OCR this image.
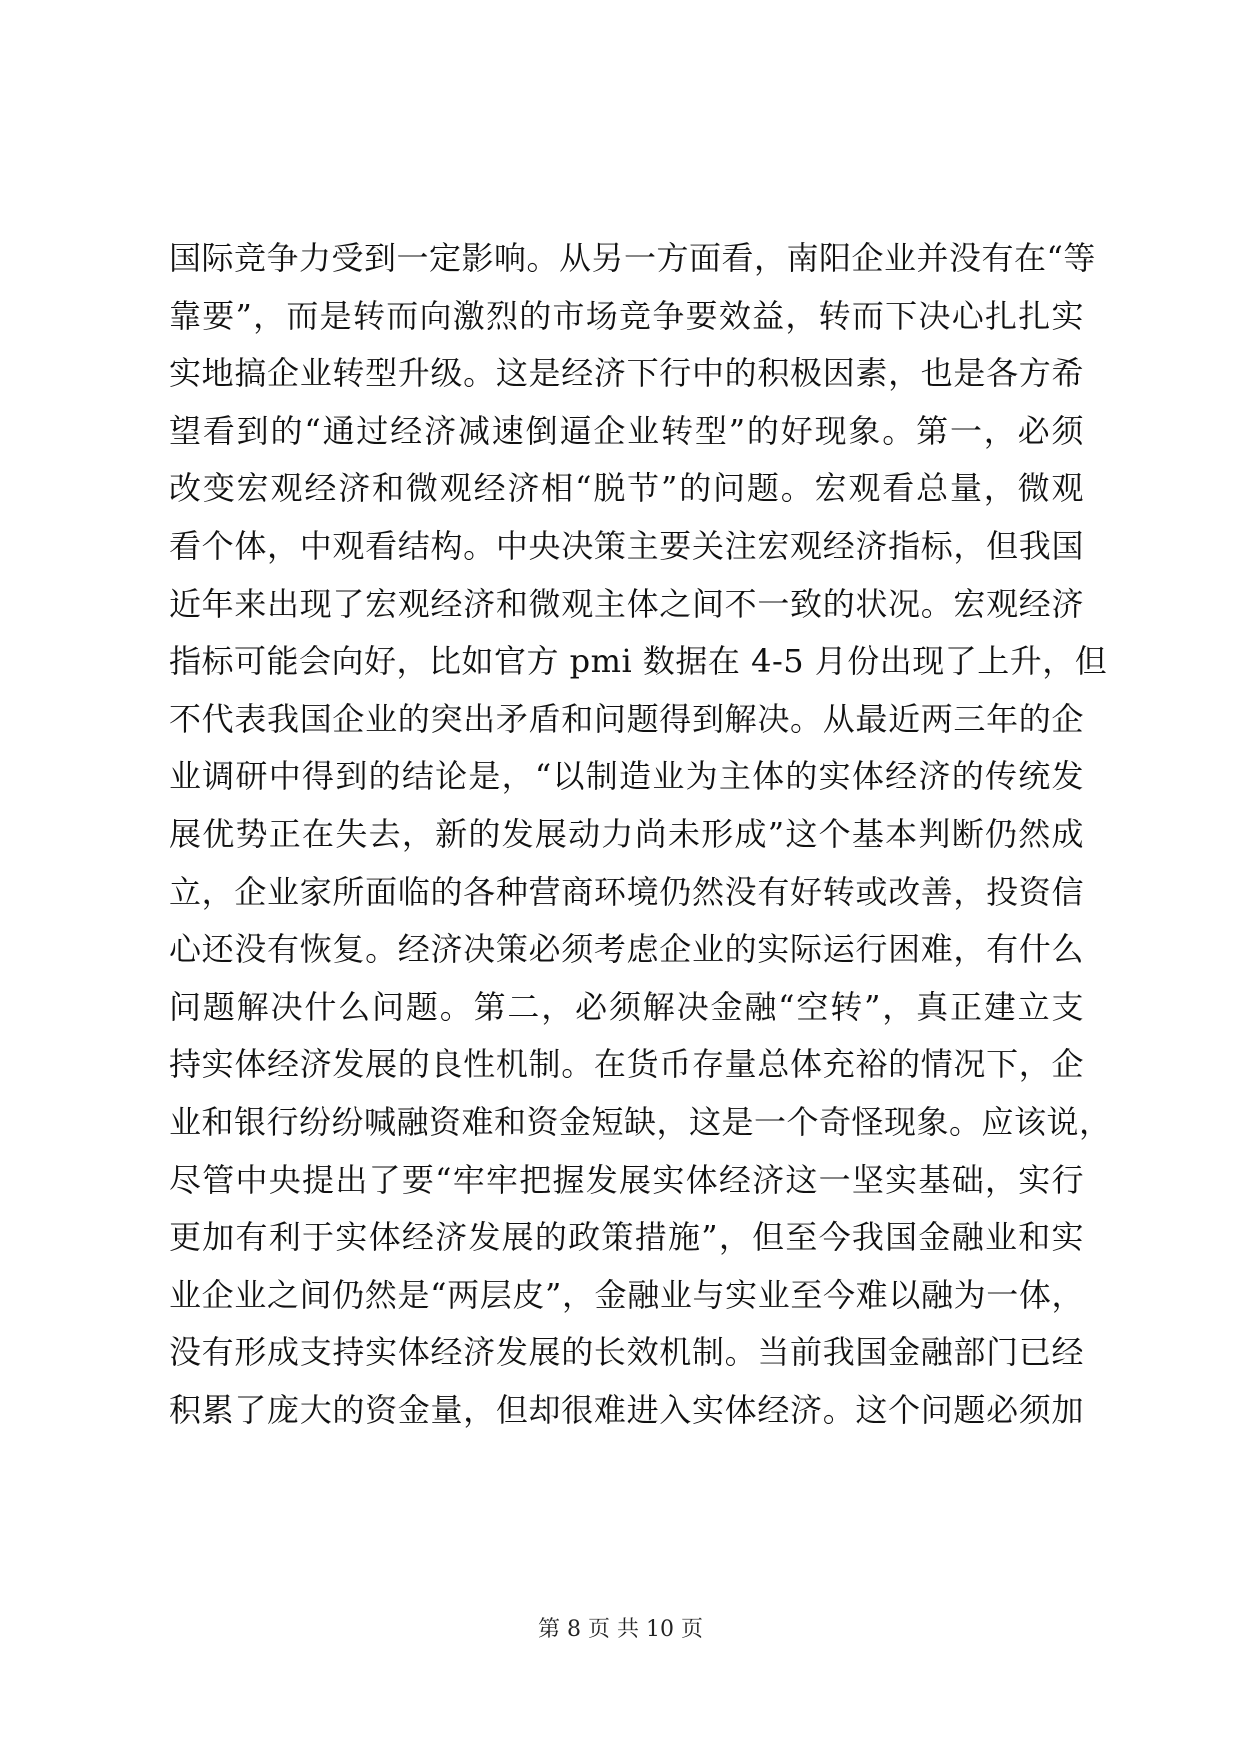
国际竞争力受到一定影响。从另一方面看，南阳企业并没有在“等
靠要”，而是转而向激烈的市场竞争要效益，转而下决心扎扎实
实地搞企业转型升级。这是经济下行中的积极因素，也是各方希
望看到的“通过经济减速倒逼企业转型”的好现象。第一，必须
改变宏观经济和微观经济相“脱节”的问题。宏观看总量，微观
看个体，中观看结构。中央决策主要关注宏观经济指标，但我国
近年来出现了宏观经济和微观主体之间不一致的状况。宏观经济
指标可能会向好，比如官方 pmi 数据在 4-5 月份出现了上升，但
不代表我国企业的突出矛盾和问题得到解决。从最近两三年的企
业调研中得到的结论是，“以制造业为主体的实体经济的传统发
展优势正在失去，新的发展动力尚未形成”这个基本判断仍然成
立，企业家所面临的各种营商环境仍然没有好转或改善，投资信
心还没有恢复。经济决策必须考虑企业的实际运行困难，有什么
问题解决什么问题。第二，必须解决金融“空转”，真正建立支
持实体经济发展的良性机制。在货币存量总体充裕的情况下，企
业和银行纷纷喊融资难和资金短缺，这是一个奇怪现象。应该说，
尽管中央提出了要“牢牢把握发展实体经济这一坚实基础，实行
更加有利于实体经济发展的政策措施”，但至今我国金融业和实
业企业之间仍然是“两层皮”，金融业与实业至今难以融为一体，
没有形成支持实体经济发展的长效机制。当前我国金融部门已经
积累了庞大的资金量，但却很难进入实体经济。这个问题必须加
第 8 页 共 10 页
